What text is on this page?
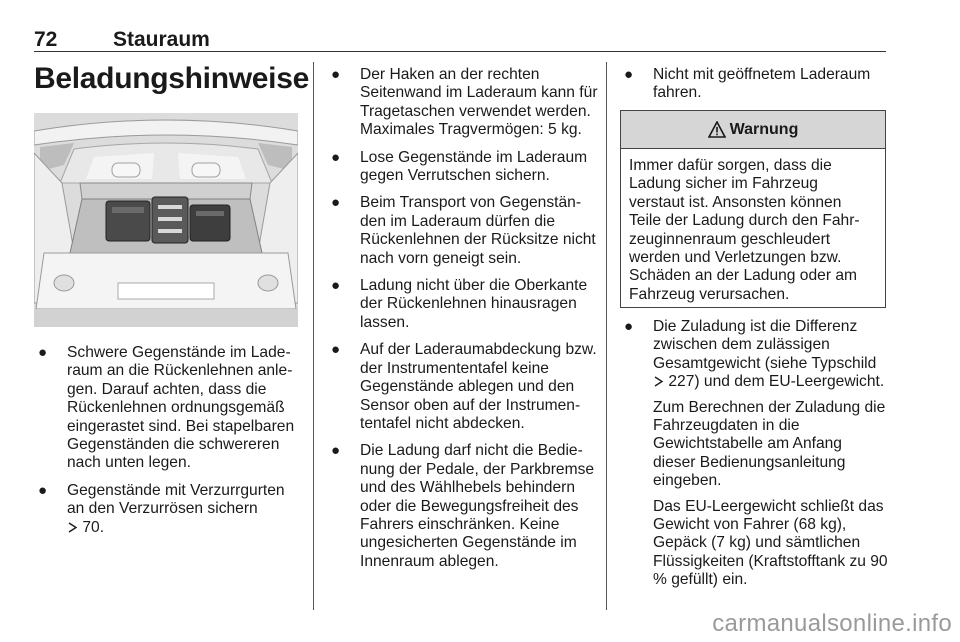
72	Stauraum
Beladungshinweise
● Schwere Gegenstände im Laderaum an die Rückenlehnen anlegen. Darauf achten, dass die Rückenlehnen ordnungsgemäß eingerastet sind. Bei stapelbaren Gegenständen die schwereren nach unten legen.
● Gegenstände mit Verzurrgurten an den Verzurrösen sichern
70.
● Der Haken an der rechten Seitenwand im Laderaum kann für Tragetaschen verwendet werden. Maximales Tragvermögen: 5 kg.
● Lose Gegenstände im Laderaum gegen Verrutschen sichern.
● Beim Transport von Gegenständen im Laderaum dürfen die Rückenlehnen der Rücksitze nicht nach vorn geneigt sein.
● Ladung nicht über die Oberkante der Rückenlehnen hinausragen lassen.
● Auf der Laderaumabdeckung bzw. der Instrumententafel keine Gegenstände ablegen und den Sensor oben auf der Instrumententafel nicht abdecken.
● Die Ladung darf nicht die Bedienung der Pedale, der Parkbremse und des Wählhebels behindern oder die Bewegungsfreiheit des Fahrers einschränken. Keine ungesicherten Gegenstände im Innenraum ablegen.
● Nicht mit geöffnetem Laderaum fahren.
Warnung
Immer dafür sorgen, dass die Ladung sicher im Fahrzeug verstaut ist. Ansonsten können Teile der Ladung durch den Fahrzeuginnenraum geschleudert werden und Verletzungen bzw. Schäden an der Ladung oder am Fahrzeug verursachen.
● Die Zuladung ist die Differenz zwischen dem zulässigen Gesamtgewicht (siehe Typschild  227) und dem EU-Leergewicht.

Zum Berechnen der Zuladung die Fahrzeugdaten in die Gewichtstabelle am Anfang dieser Bedienungsanleitung eingeben.

Das EU-Leergewicht schließt das Gewicht von Fahrer (68 kg), Gepäck (7 kg) und sämtlichen Flüssigkeiten (Kraftstofftank zu 90 % gefüllt) ein.

carmanualsonline.info
